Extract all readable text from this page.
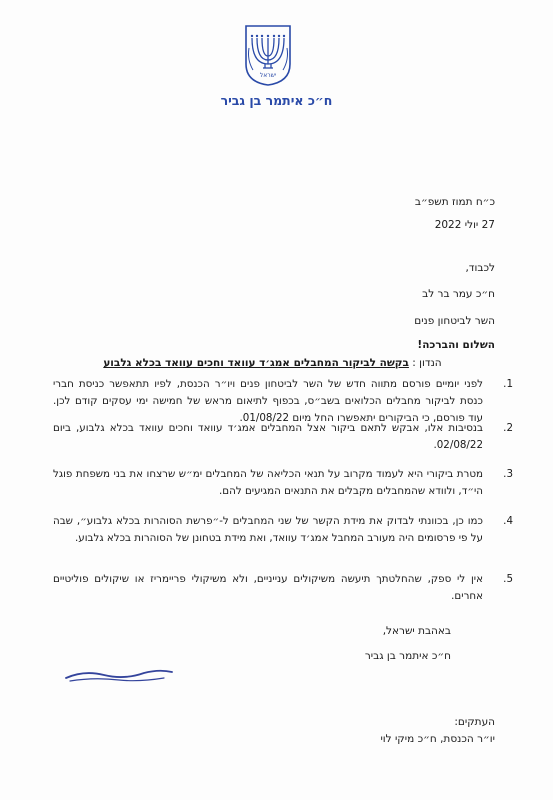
ישראל
ח״כ איתמר בן גביר
כ״ח תמוז תשפ״ב
27 יולי 2022
לכבוד,
ח״כ עמר בר לב
השר לביטחון פנים
השלום והברכה!
הנדון : בקשה לביקור המחבלים אמג׳ד עוואד וחכים עוואד בכלא גלבוע
1.
לפני יומיים פורסם מתווה חדש של השר לביטחון פנים ויו״ר הכנסת, לפיו תתאפשר כניסת חברי כנסת לביקור מחבלים הכלואים בשב״ס, בכפוף לתיאום מראש של חמישה ימי עסקים קודם לכן. עוד פורסם, כי הביקורים יתאפשרו החל מיום 01/08/22.
2.
בנסיבות אלו, אבקש לתאם ביקור אצל המחבלים אמג׳ד עוואד וחכים עוואד בכלא גלבוע, ביום 02/08/22.
3.
מטרת ביקורי היא לעמוד מקרוב על תנאי הכליאה של המחבלים ימ״ש שרצחו את בני משפחת פוגל הי״ד, ולוודא שהמחבלים מקבלים את התנאים המגיעים להם.
4.
כמו כן, בכוונתי לבדוק את מידת הקשר של שני המחבלים ל-״פרשת הסוהרות בכלא גלבוע״, שבה על פי פרסומים היה מעורב המחבל אמג׳ד עוואד, ואת מידת בטחונן של הסוהרות בכלא גלבוע.
5.
אין לי ספק, שהחלטתך תיעשה משיקולים ענייניים, ולא משיקולי פריימריז או שיקולים פוליטיים אחרים.
באהבת ישראל,
ח״כ איתמר בן גביר
העתקים:
יו״ר הכנסת, ח״כ מיקי לוי
